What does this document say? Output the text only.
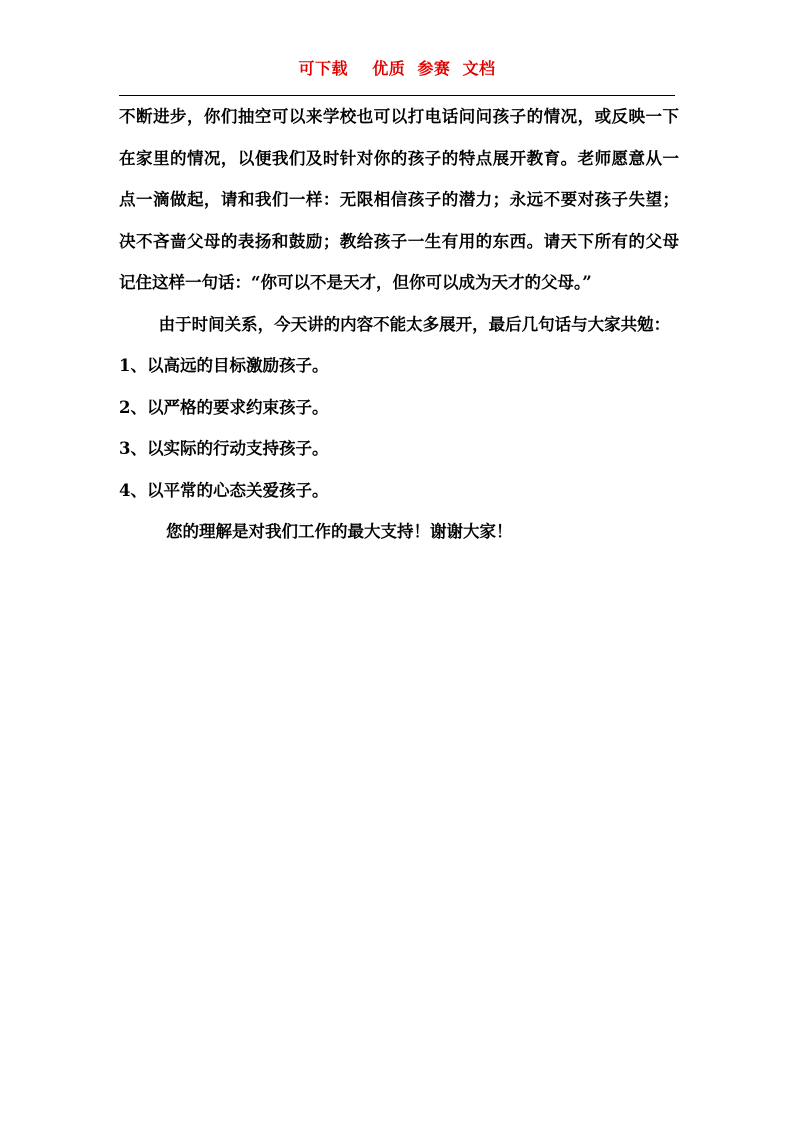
可下载    优质  参赛  文档

不断进步，你们抽空可以来学校也可以打电话问问孩子的情况，或反映一下在家里的情况，以便我们及时针对你的孩子的特点展开教育。老师愿意从一点一滴做起，请和我们一样：无限相信孩子的潜力；永远不要对孩子失望；决不吝啬父母的表扬和鼓励；教给孩子一生有用的东西。请天下所有的父母记住这样一句话：“你可以不是天才，但你可以成为天才的父母。”

由于时间关系，今天讲的内容不能太多展开，最后几句话与大家共勉：

1、以高远的目标激励孩子。

2、以严格的要求约束孩子。

3、以实际的行动支持孩子。

4、以平常的心态关爱孩子。

您的理解是对我们工作的最大支持！谢谢大家！
